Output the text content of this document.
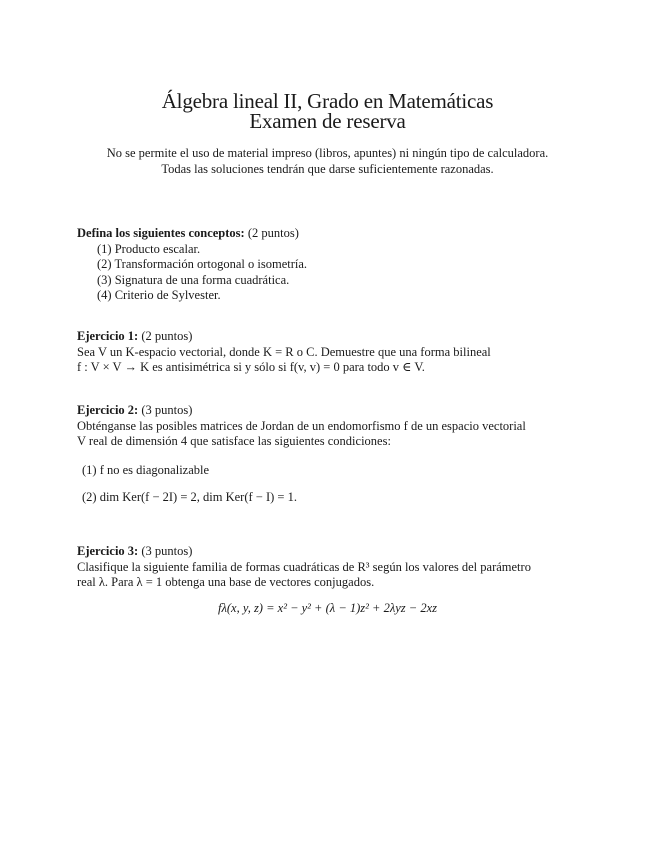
Álgebra lineal II, Grado en Matemáticas
Examen de reserva
No se permite el uso de material impreso (libros, apuntes) ni ningún tipo de calculadora.
Todas las soluciones tendrán que darse suficientemente razonadas.
Defina los siguientes conceptos: (2 puntos)
(1) Producto escalar.
(2) Transformación ortogonal o isometría.
(3) Signatura de una forma cuadrática.
(4) Criterio de Sylvester.
Ejercicio 1: (2 puntos)
Sea V un K-espacio vectorial, donde K = R o C. Demuestre que una forma bilineal
f : V × V → K es antisimétrica si y sólo si f(v, v) = 0 para todo v ∈ V.
Ejercicio 2: (3 puntos)
Obténganse las posibles matrices de Jordan de un endomorfismo f de un espacio vectorial
V real de dimensión 4 que satisface las siguientes condiciones:
(1) f no es diagonalizable
(2) dim Ker(f − 2I) = 2, dim Ker(f − I) = 1.
Ejercicio 3: (3 puntos)
Clasifique la siguiente familia de formas cuadráticas de R³ según los valores del parámetro
real λ. Para λ = 1 obtenga una base de vectores conjugados.
fλ(x, y, z) = x² − y² + (λ − 1)z² + 2λyz − 2xz
